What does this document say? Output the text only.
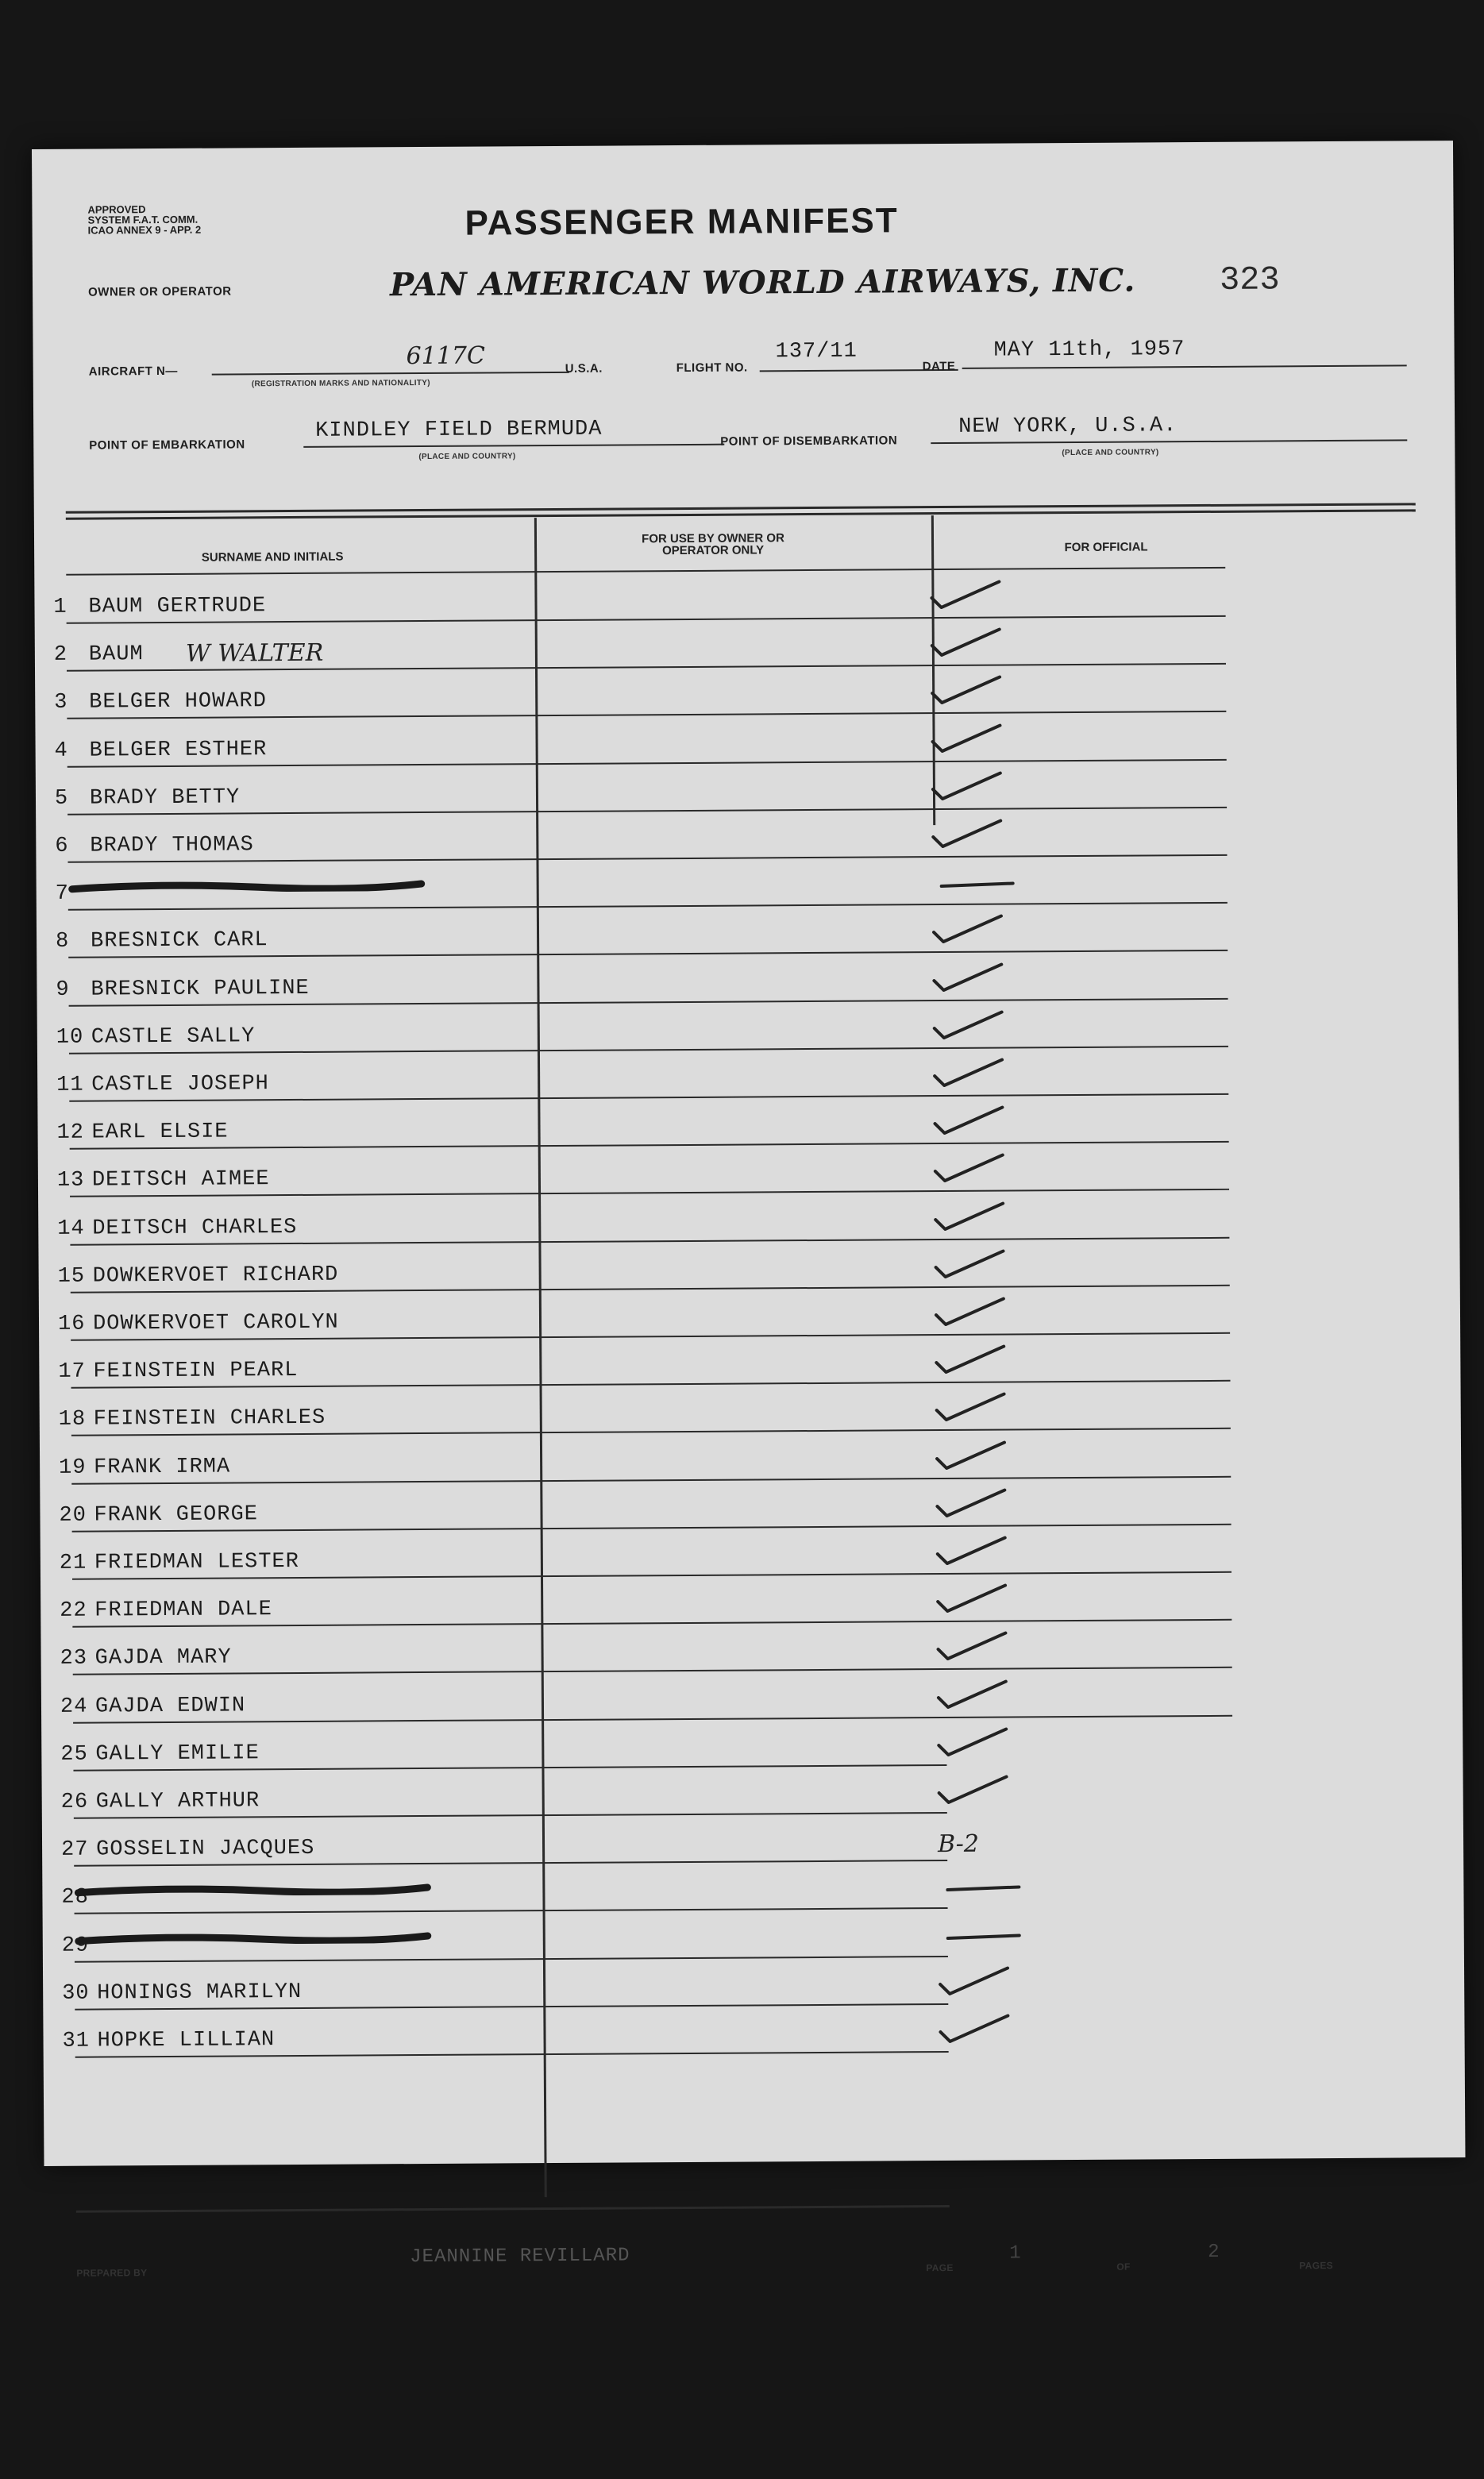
APPROVED
SYSTEM F.A.T. COMM.
ICAO ANNEX 9 - APP. 2	PASSENGER MANIFEST
OWNER OR OPERATOR	PAN AMERICAN WORLD AIRWAYS, INC.	323
AIRCRAFT N—
6117C
(REGISTRATION MARKS AND NATIONALITY)
U.S.A.	FLIGHT NO.
137/11
DATE
MAY 11th, 1957
POINT OF EMBARKATION
KINDLEY FIELD BERMUDA
(PLACE AND COUNTRY)
POINT OF DISEMBARKATION
NEW YORK, U.S.A.
(PLACE AND COUNTRY)
SURNAME AND INITIALS
FOR USE BY OWNER OR OPERATOR ONLY	FOR OFFICIAL
1 BAUM GERTRUDE
2 BAUM W WALTER
3 BELGER HOWARD
4 BELGER ESTHER
5 BRADY BETTY
6 BRADY THOMAS
7
8 BRESNICK CARL
9 BRESNICK PAULINE
10 CASTLE SALLY
11 CASTLE JOSEPH
12 EARL ELSIE
13 DEITSCH AIMEE
14 DEITSCH CHARLES
15 DOWKERVOET RICHARD
16 DOWKERVOET CAROLYN
17 FEINSTEIN PEARL
18 FEINSTEIN CHARLES
19 FRANK IRMA
20 FRANK GEORGE
21 FRIEDMAN LESTER
22 FRIEDMAN DALE
23 GAJDA MARY
24 GAJDA EDWIN
25 GALLY EMILIE
26 GALLY ARTHUR
27 GOSSELIN JACQUES	B-2
28
29
30 HONINGS MARILYN
31 HOPKE LILLIAN
PREPARED BY
JEANNINE REVILLARD	PAGE
1
OF
2
PAGES
